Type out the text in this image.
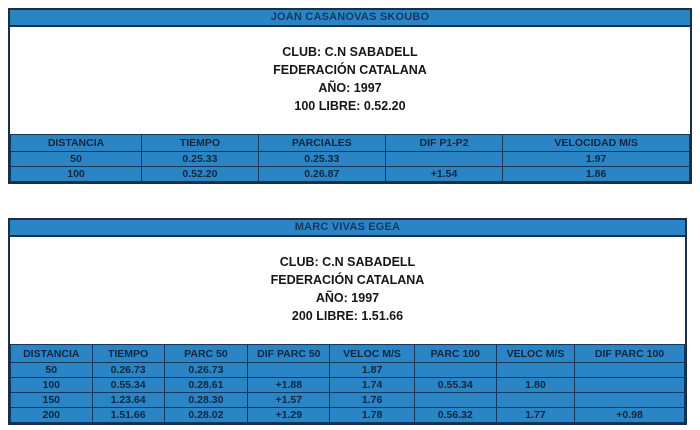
JOAN CASANOVAS SKOUBO
CLUB: C.N SABADELL
FEDERACIÓN CATALANA
AÑO: 1997
100 LIBRE: 0.52.20
DISTANCIA	TIEMPO	PARCIALES	DIF P1-P2	VELOCIDAD M/S
50	0.25.33	0.25.33		1.97
100	0.52.20	0.26.87	+1.54	1.86
MARC VIVAS EGEA
CLUB: C.N SABADELL
FEDERACIÓN CATALANA
AÑO: 1997
200 LIBRE: 1.51.66
DISTANCIA	TIEMPO	PARC 50	DIF PARC 50	VELOC M/S	PARC 100	VELOC M/S	DIF PARC 100
50	0.26.73	0.26.73		1.87			
100	0.55.34	0.28.61	+1.88	1.74	0.55.34	1.80	
150	1.23.64	0.28.30	+1.57	1.76			
200	1.51.66	0.28.02	+1.29	1.78	0.56.32	1.77	+0.98
